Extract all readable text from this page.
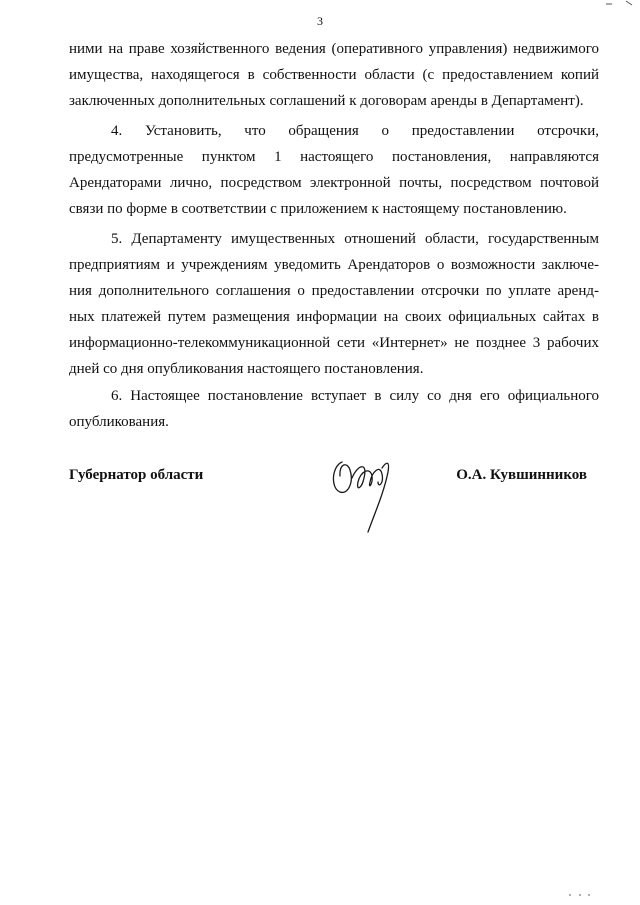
3
ними на праве хозяйственного ведения (оперативного управления) недвижимого
имущества, находящегося в собственности области (с предоставлением копий
заключенных дополнительных соглашений к договорам аренды в Департамент).
4. Установить, что обращения о предоставлении отсрочки,
предусмотренные пунктом 1 настоящего постановления, направляются
Арендаторами лично, посредством электронной почты, посредством почтовой
связи по форме в соответствии с приложением к настоящему постановлению.
5. Департаменту имущественных отношений области, государственным
предприятиям и учреждениям уведомить Арендаторов о возможности заключе-
ния дополнительного соглашения о предоставлении отсрочки по уплате аренд-
ных платежей путем размещения информации на своих официальных сайтах в
информационно-телекоммуникационной сети «Интернет» не позднее 3 рабочих
дней со дня опубликования настоящего постановления.
6. Настоящее постановление вступает в силу со дня его официального
опубликования.
Губернатор области	О.А. Кувшинников
